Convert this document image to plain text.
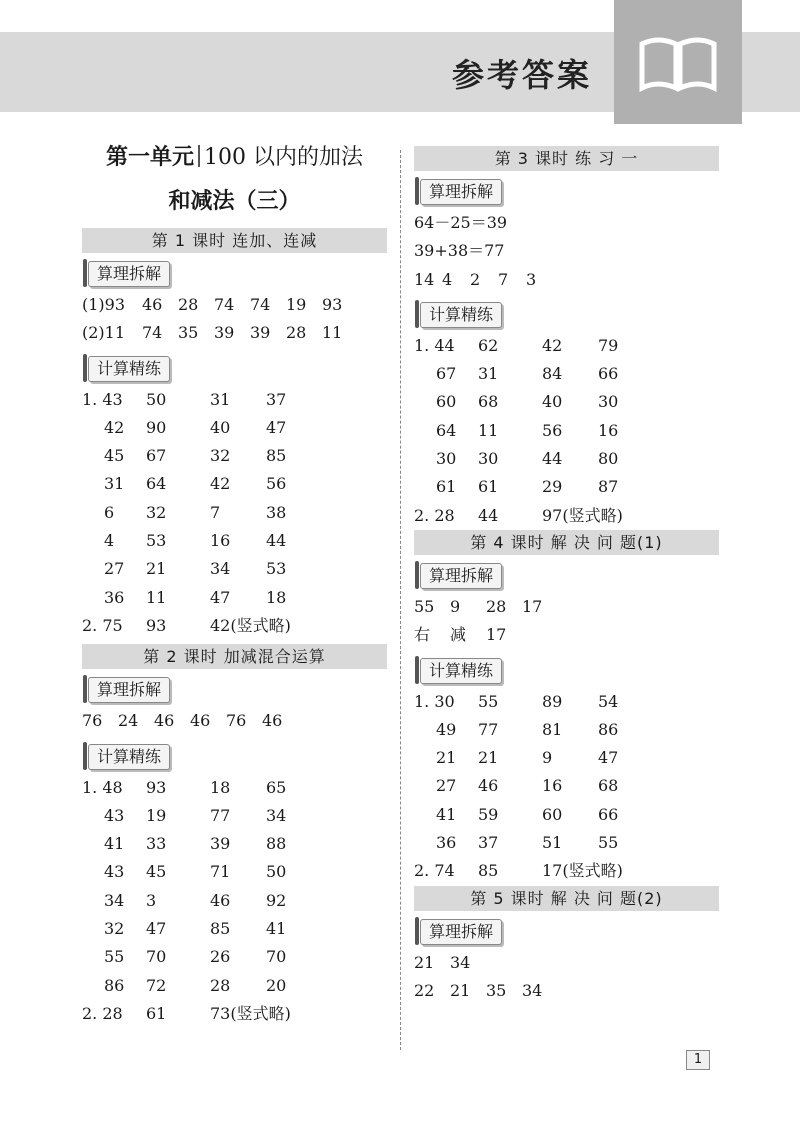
参考答案
第一单元 100 以内的加法
和减法（三）
第 1 课时 连加、连减
算理拆解
(1)93 46 28 74 74 19 93
(2)11 74 35 39 39 28 11
计算精练
1. 43 50	31 37
42 90	40 47
45 67	32 85
31 64	42 56
6 32	7	38
4 53	16 44
27 21	34 53
36 11	47 18
2. 75 93	42(竖式略)
第 2 课时 加减混合运算
算理拆解
76 24 46 46 76 46
计算精练
1. 48 93	18 65
43 19	77 34
41 33	39 88
43 45	71 50
34 3	46 92
32 47	85 41
55 70	26 70
86 72	28 20
2. 28 61	73(竖式略)
第 3 课时 练 习 一
算理拆解
64－25＝39
39+38＝77
14 4 2 7 3
计算精练
1. 44 62	42 79
67 31	84 66
60 68	40 30
64 11	56 16
30 30	44 80
61 61	29 87
2. 28 44	97(竖式略)
第 4 课时 解 决 问 题(1)
算理拆解
55 9 28 17
右 减 17
计算精练
1. 30 55	89 54
49 77	81 86
21 21	9	47
27 46	16 68
41 59	60 66
36 37	51 55
2. 74 85	17(竖式略)
第 5 课时 解 决 问 题(2)
算理拆解
21 34
22 21 35 34
1
